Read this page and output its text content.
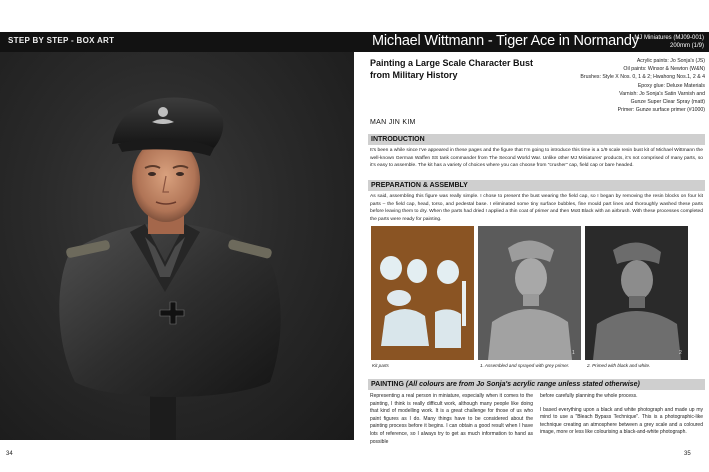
STEP BY STEP - BOX ART	Michael Wittmann - Tiger Ace in Normandy
MJ Miniatures (MJ09-001)
200mm (1/9)
34
Painting a Large Scale Character Bust from Military History
Acrylic paints: Jo Sonja's (JS)
Oil paints: Winsor & Newton (W&N)
Brushes: Style X Nos. 0, 1 & 2; Hwahong Nos.1, 2 & 4
Epoxy glue: Deluxe Materials
Varnish: Jo Sonja's Satin Varnish and
Gunze Super Clear Spray (matt)
Primer: Gunze surface primer (#1000)
MAN JIN KIM
INTRODUCTION
It's been a while since I've appeared in these pages and the figure that I'm going to introduce this time is a 1/9 scale resin bust kit of Michael Wittmann the well-known German Waffen SS tank commander from The Second World War. Unlike other MJ Miniatures' products, it's not comprised of many parts, so it's easy to assemble. The kit has a variety of choices where you can choose from "crusher" cap, field cap or bare headed.
PREPARATION & ASSEMBLY
As said, assembling this figure was really simple. I chose to present the bust wearing the field cap, so I began by removing the resin blocks on four kit parts – the field cap, head, torso, and pedestal base. I eliminated some tiny surface bubbles, fine mould part lines and thoroughly washed these parts before leaving them to dry. When the parts had dried I applied a thin coat of primer and then Mott Black with an airbrush. With these processes completed the parts were ready for painting.
1	2
Kit parts	1. Assembled and sprayed with grey primer.	2. Primed with black and white.
PAINTING (All colours are from Jo Sonja's acrylic range unless stated otherwise)
Representing a real person in miniature, especially when it comes to the painting, I think is really difficult work, although many people like doing that kind of modelling work. It is a great challenge for those of us who paint figures as I do. Many things have to be considered about the painting process before it begins. I can obtain a good result when I have lots of reference, so I always try to get as much information to hand as possible
before carefully planning the whole process.
I based everything upon a black and white photograph and made up my mind to use a "Bleach Bypass Technique". This is a photographic-like technique creating an atmosphere between a grey scale and a coloured image, more or less like colourising a black-and-white photograph.
35
